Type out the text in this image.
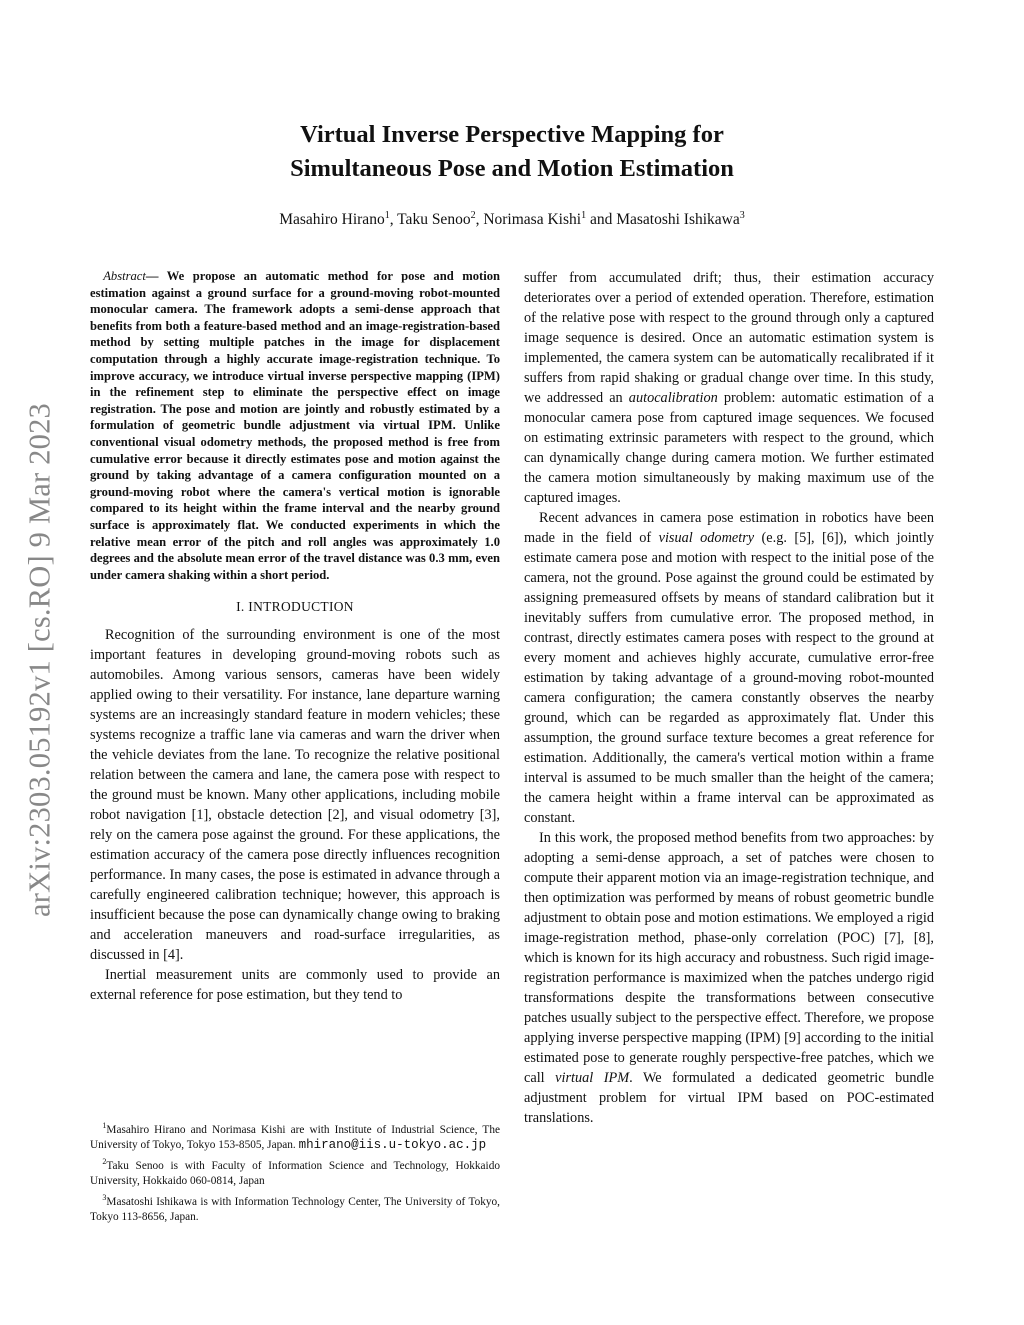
Virtual Inverse Perspective Mapping for
Simultaneous Pose and Motion Estimation
Masahiro Hirano$^1$, Taku Senoo$^2$, Norimasa Kishi$^1$ and Masatoshi Ishikawa$^3$
arXiv:2303.05192v1 [cs.RO] 9 Mar 2023

Abstract— We propose an automatic method for pose and motion estimation against a ground surface for a ground-moving robot-mounted monocular camera. The framework adopts a semi-dense approach that benefits from both a feature-based method and an image-registration-based method by setting multiple patches in the image for displacement computation through a highly accurate image-registration technique. To improve accuracy, we introduce virtual inverse perspective mapping (IPM) in the refinement step to eliminate the perspective effect on image registration. The pose and motion are jointly and robustly estimated by a formulation of geometric bundle adjustment via virtual IPM. Unlike conventional visual odometry methods, the proposed method is free from cumulative error because it directly estimates pose and motion against the ground by taking advantage of a camera configuration mounted on a ground-moving robot where the camera's vertical motion is ignorable compared to its height within the frame interval and the nearby ground surface is approximately flat. We conducted experiments in which the relative mean error of the pitch and roll angles was approximately 1.0 degrees and the absolute mean error of the travel distance was 0.3 mm, even under camera shaking within a short period.

I. INTRODUCTION

Recognition of the surrounding environment is one of the most important features in developing ground-moving robots such as automobiles. Among various sensors, cameras have been widely applied owing to their versatility. For instance, lane departure warning systems are an increasingly standard feature in modern vehicles; these systems recognize a traffic lane via cameras and warn the driver when the vehicle deviates from the lane. To recognize the relative positional relation between the camera and lane, the camera pose with respect to the ground must be known. Many other applications, including mobile robot navigation [1], obstacle detection [2], and visual odometry [3], rely on the camera pose against the ground. For these applications, the estimation accuracy of the camera pose directly influences recognition performance. In many cases, the pose is estimated in advance through a carefully engineered calibration technique; however, this approach is insufficient because the pose can dynamically change owing to braking and acceleration maneuvers and road-surface irregularities, as discussed in [4].

Inertial measurement units are commonly used to provide an external reference for pose estimation, but they tend to

$^1$Masahiro Hirano and Norimasa Kishi are with Institute of Industrial Science, The University of Tokyo, Tokyo 153-8505, Japan. mhirano@iis.u-tokyo.ac.jp

$^2$Taku Senoo is with Faculty of Information Science and Technology, Hokkaido University, Hokkaido 060-0814, Japan

$^3$Masatoshi Ishikawa is with Information Technology Center, The University of Tokyo, Tokyo 113-8656, Japan.

suffer from accumulated drift; thus, their estimation accuracy deteriorates over a period of extended operation. Therefore, estimation of the relative pose with respect to the ground through only a captured image sequence is desired. Once an automatic estimation system is implemented, the camera system can be automatically recalibrated if it suffers from rapid shaking or gradual change over time. In this study, we addressed an autocalibration problem: automatic estimation of a monocular camera pose from captured image sequences. We focused on estimating extrinsic parameters with respect to the ground, which can dynamically change during camera motion. We further estimated the camera motion simultaneously by making maximum use of the captured images.

Recent advances in camera pose estimation in robotics have been made in the field of visual odometry (e.g. [5], [6]), which jointly estimate camera pose and motion with respect to the initial pose of the camera, not the ground. Pose against the ground could be estimated by assigning premeasured offsets by means of standard calibration but it inevitably suffers from cumulative error. The proposed method, in contrast, directly estimates camera poses with respect to the ground at every moment and achieves highly accurate, cumulative error-free estimation by taking advantage of a ground-moving robot-mounted camera configuration; the camera constantly observes the nearby ground, which can be regarded as approximately flat. Under this assumption, the ground surface texture becomes a great reference for estimation. Additionally, the camera's vertical motion within a frame interval is assumed to be much smaller than the height of the camera; the camera height within a frame interval can be approximated as constant.

In this work, the proposed method benefits from two approaches: by adopting a semi-dense approach, a set of patches were chosen to compute their apparent motion via an image-registration technique, and then optimization was performed by means of robust geometric bundle adjustment to obtain pose and motion estimations. We employed a rigid image-registration method, phase-only correlation (POC) [7], [8], which is known for its high accuracy and robustness. Such rigid image-registration performance is maximized when the patches undergo rigid transformations despite the transformations between consecutive patches usually subject to the perspective effect. Therefore, we propose applying inverse perspective mapping (IPM) [9] according to the initial estimated pose to generate roughly perspective-free patches, which we call virtual IPM. We formulated a dedicated geometric bundle adjustment problem for virtual IPM based on POC-estimated translations.
